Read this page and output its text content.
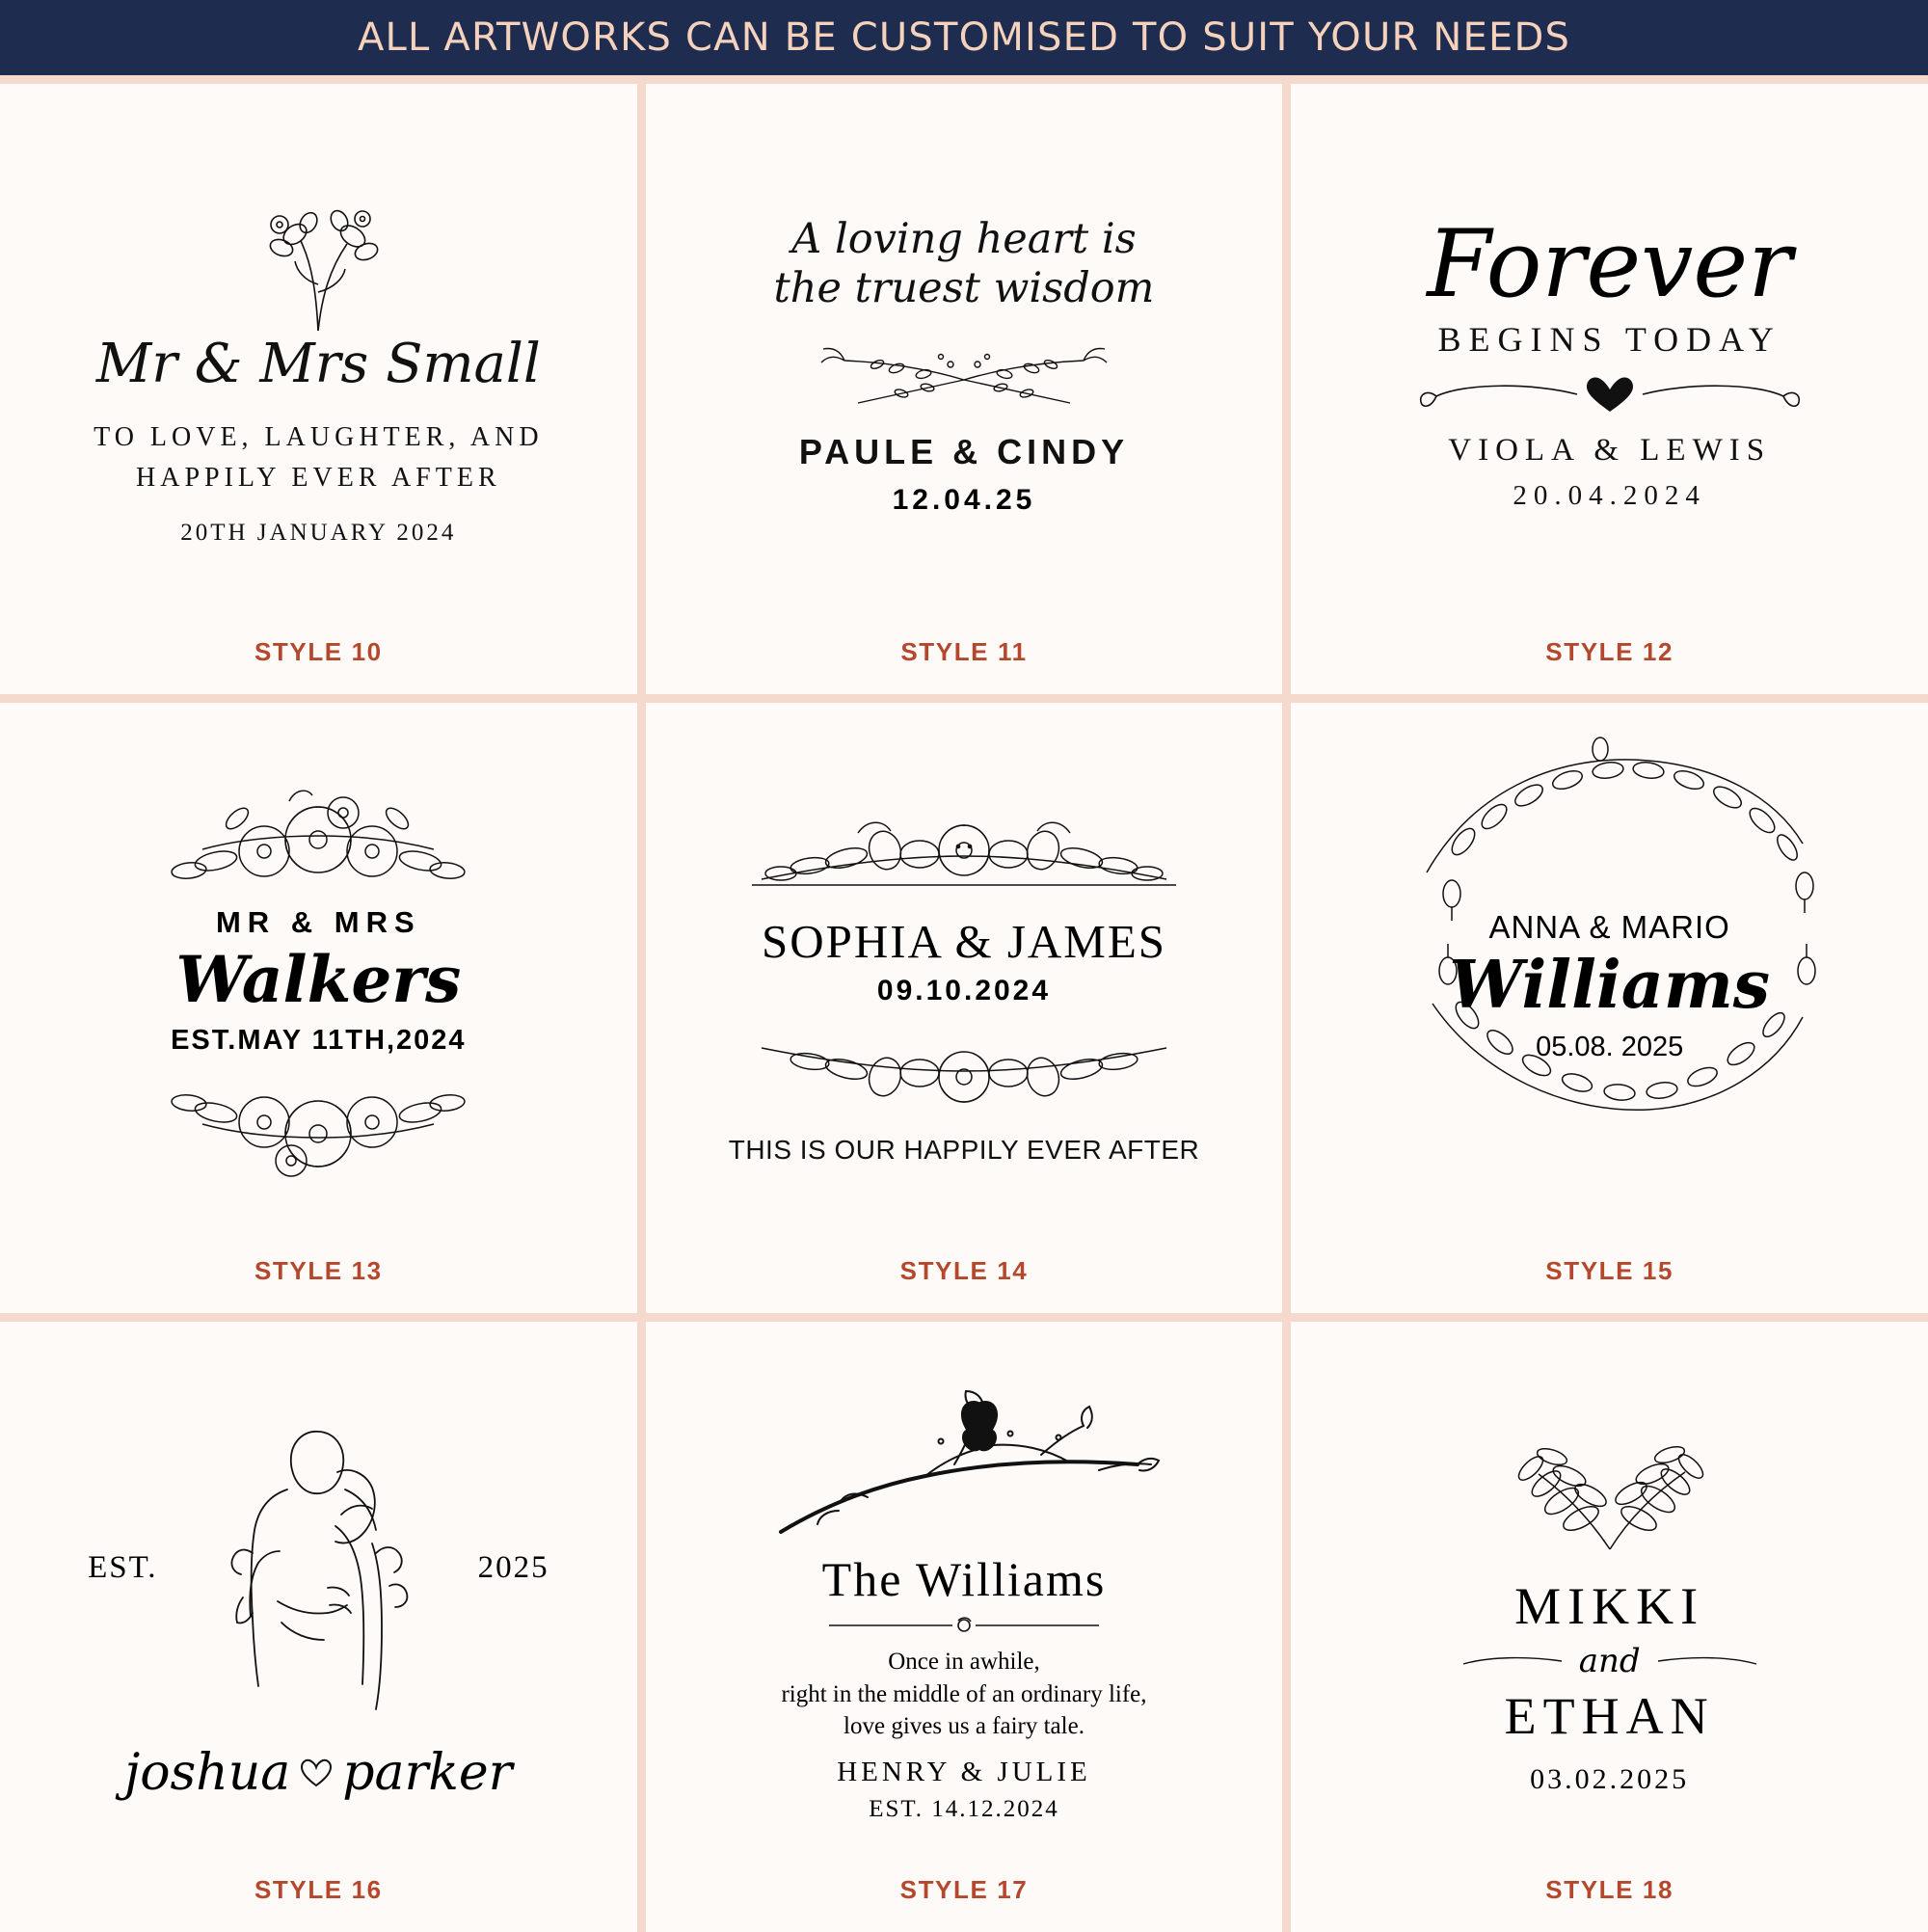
ALL ARTWORKS CAN BE CUSTOMISED TO SUIT YOUR NEEDS
Mr & Mrs Small
TO LOVE, LAUGHTER, AND
HAPPILY EVER AFTER
20TH JANUARY 2024
STYLE 10
A loving heart is
the truest wisdom
PAULE & CINDY
12.04.25
STYLE 11
Forever
BEGINS TODAY
VIOLA & LEWIS
20.04.2024
STYLE 12
MR & MRS
Walkers
EST.MAY 11TH,2024
STYLE 13
SOPHIA & JAMES
09.10.2024
THIS IS OUR HAPPILY EVER AFTER
STYLE 14
ANNA & MARIO
Williams
05.08. 2025
STYLE 15
EST.	2025
joshua parker
STYLE 16
The Williams
Once in awhile,
right in the middle of an ordinary life,
love gives us a fairy tale.
HENRY & JULIE
EST. 14.12.2024
STYLE 17
MIKKI
and
ETHAN
03.02.2025
STYLE 18
